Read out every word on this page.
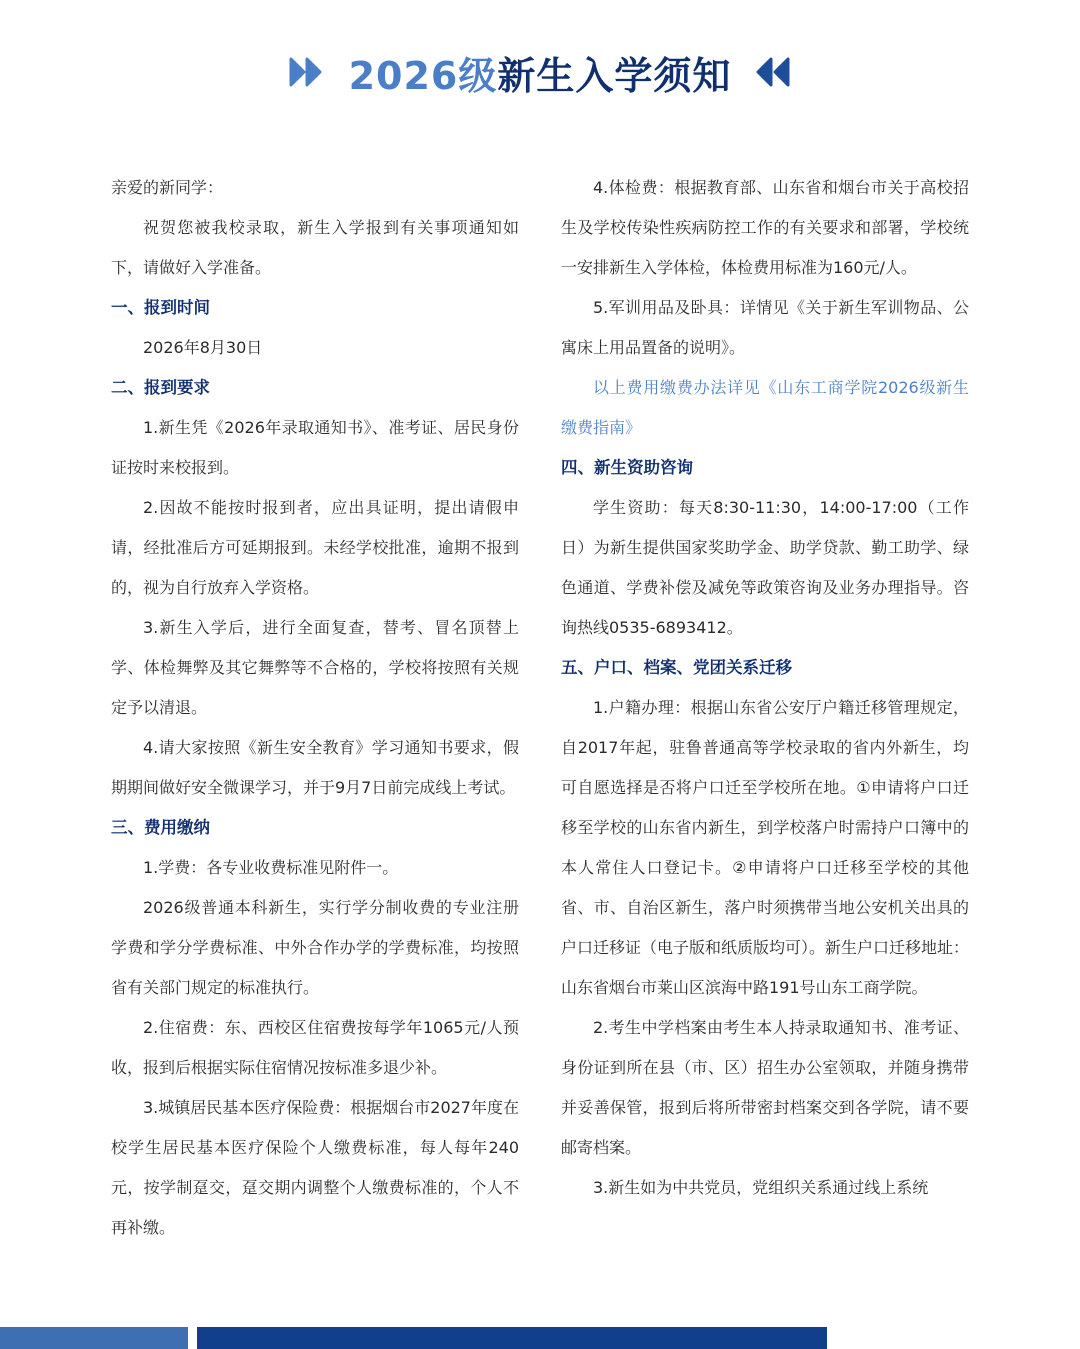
2026级新生入学须知

亲爱的新同学：

祝贺您被我校录取，新生入学报到有关事项通知如下，请做好入学准备。

一、报到时间

2026年8月30日

二、报到要求

1.新生凭《2026年录取通知书》、准考证、居民身份证按时来校报到。

2.因故不能按时报到者，应出具证明，提出请假申请，经批准后方可延期报到。未经学校批准，逾期不报到的，视为自行放弃入学资格。

3.新生入学后，进行全面复查，替考、冒名顶替上学、体检舞弊及其它舞弊等不合格的，学校将按照有关规定予以清退。

4.请大家按照《新生安全教育》学习通知书要求，假期期间做好安全微课学习，并于9月7日前完成线上考试。

三、费用缴纳

1.学费：各专业收费标准见附件一。

2026级普通本科新生，实行学分制收费的专业注册学费和学分学费标准、中外合作办学的学费标准，均按照省有关部门规定的标准执行。

2.住宿费：东、西校区住宿费按每学年1065元/人预收，报到后根据实际住宿情况按标准多退少补。

3.城镇居民基本医疗保险费：根据烟台市2027年度在校学生居民基本医疗保险个人缴费标准，每人每年240元，按学制趸交，趸交期内调整个人缴费标准的，个人不再补缴。

4.体检费：根据教育部、山东省和烟台市关于高校招生及学校传染性疾病防控工作的有关要求和部署，学校统一安排新生入学体检，体检费用标准为160元/人。

5.军训用品及卧具：详情见《关于新生军训物品、公寓床上用品置备的说明》。

以上费用缴费办法详见《山东工商学院2026级新生缴费指南》

四、新生资助咨询

学生资助：每天8:30-11:30，14:00-17:00（工作日）为新生提供国家奖助学金、助学贷款、勤工助学、绿色通道、学费补偿及减免等政策咨询及业务办理指导。咨询热线0535-6893412。

五、户口、档案、党团关系迁移

1.户籍办理：根据山东省公安厅户籍迁移管理规定，自2017年起，驻鲁普通高等学校录取的省内外新生，均可自愿选择是否将户口迁至学校所在地。①申请将户口迁移至学校的山东省内新生，到学校落户时需持户口簿中的本人常住人口登记卡。②申请将户口迁移至学校的其他省、市、自治区新生，落户时须携带当地公安机关出具的户口迁移证（电子版和纸质版均可）。新生户口迁移地址：山东省烟台市莱山区滨海中路191号山东工商学院。

2.考生中学档案由考生本人持录取通知书、准考证、身份证到所在县（市、区）招生办公室领取，并随身携带并妥善保管，报到后将所带密封档案交到各学院，请不要邮寄档案。

3.新生如为中共党员，党组织关系通过线上系统
